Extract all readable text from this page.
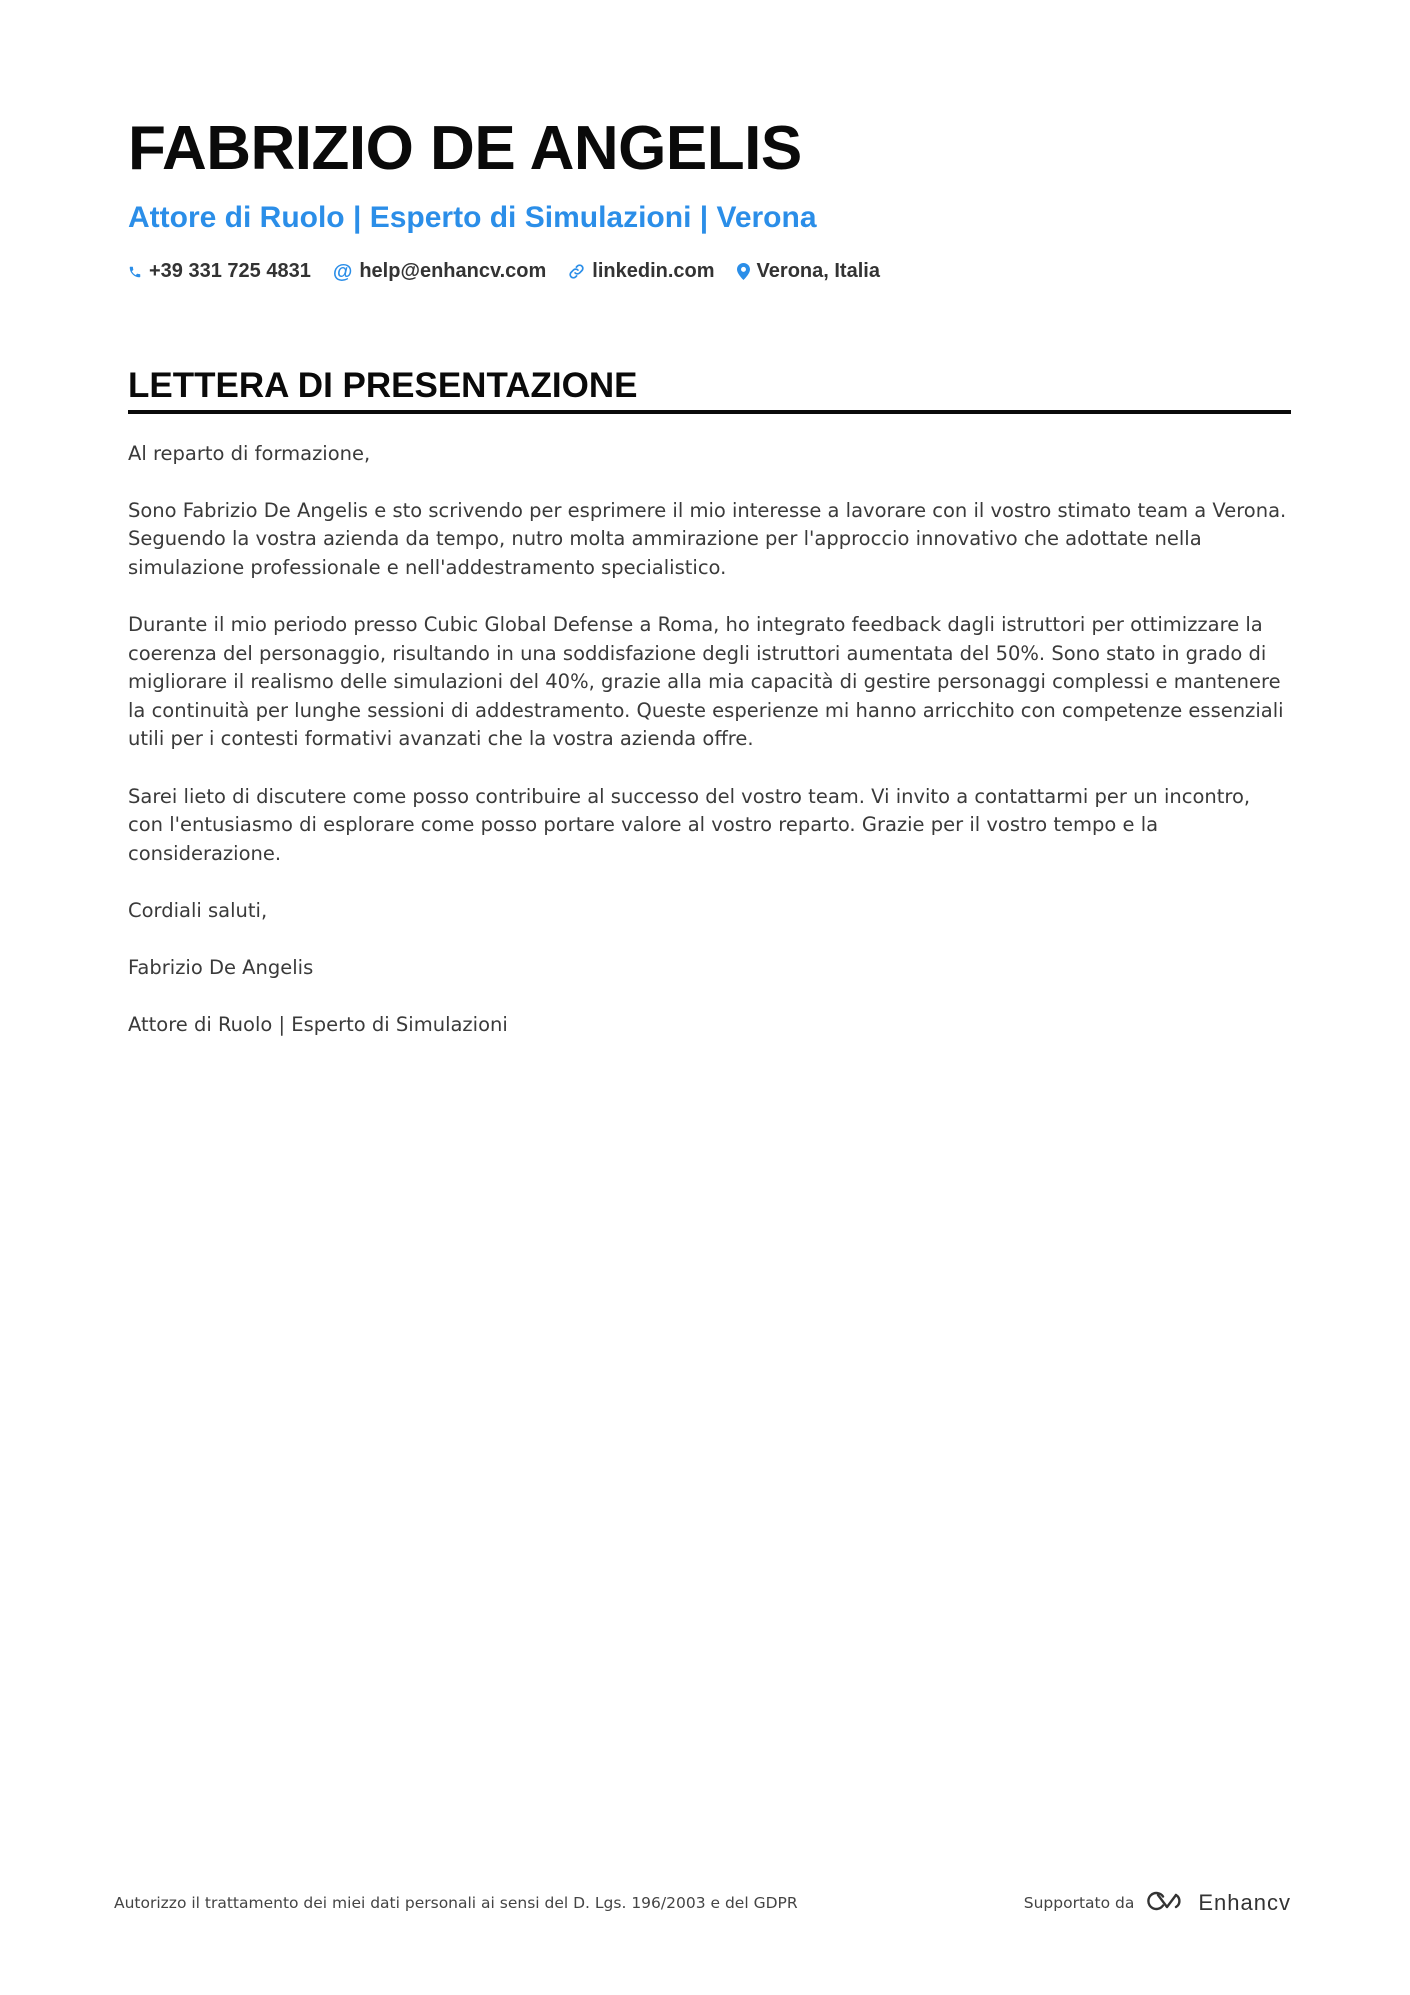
FABRIZIO DE ANGELIS
Attore di Ruolo | Esperto di Simulazioni | Verona
+39 331 725 4831 @ help@enhancv.com linkedin.com Verona, Italia
LETTERA DI PRESENTAZIONE

Al reparto di formazione,

Sono Fabrizio De Angelis e sto scrivendo per esprimere il mio interesse a lavorare con il vostro stimato team a Verona. Seguendo la vostra azienda da tempo, nutro molta ammirazione per l'approccio innovativo che adottate nella simulazione professionale e nell'addestramento specialistico.

Durante il mio periodo presso Cubic Global Defense a Roma, ho integrato feedback dagli istruttori per ottimizzare la coerenza del personaggio, risultando in una soddisfazione degli istruttori aumentata del 50%. Sono stato in grado di migliorare il realismo delle simulazioni del 40%, grazie alla mia capacità di gestire personaggi complessi e mantenere la continuità per lunghe sessioni di addestramento. Queste esperienze mi hanno arricchito con competenze essenziali utili per i contesti formativi avanzati che la vostra azienda offre.

Sarei lieto di discutere come posso contribuire al successo del vostro team. Vi invito a contattarmi per un incontro, con l'entusiasmo di esplorare come posso portare valore al vostro reparto. Grazie per il vostro tempo e la considerazione.

Cordiali saluti,

Fabrizio De Angelis

Attore di Ruolo | Esperto di Simulazioni

Autorizzo il trattamento dei miei dati personali ai sensi del D. Lgs. 196/2003 e del GDPR	Supportato da	Enhancv
